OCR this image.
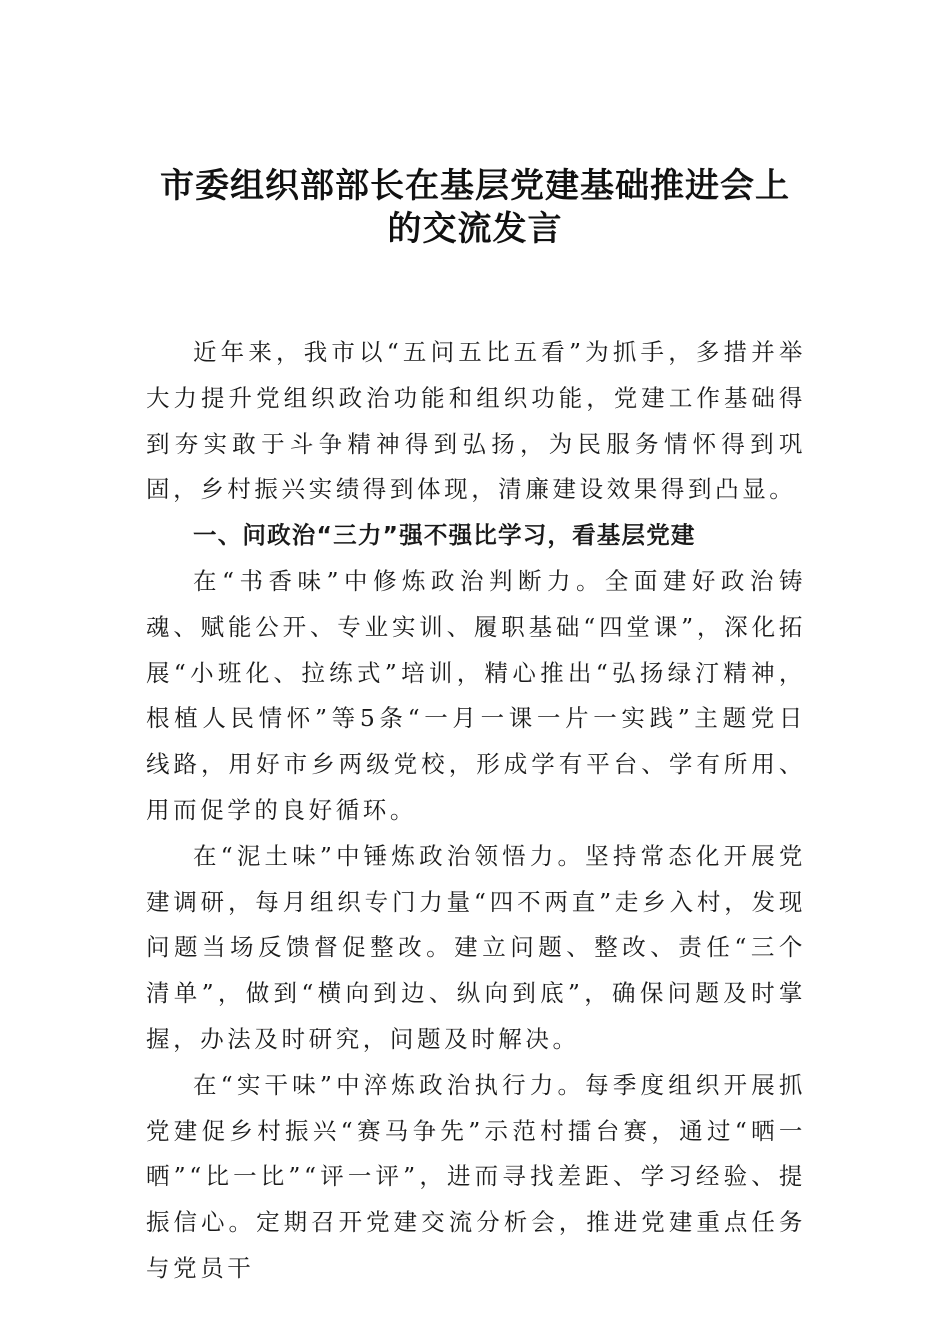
市委组织部部长在基层党建基础推进会上
的交流发言

近年来，我市以“五问五比五看”为抓手，多措并举大力提升党组织政治功能和组织功能，党建工作基础得到夯实敢于斗争精神得到弘扬，为民服务情怀得到巩固，乡村振兴实绩得到体现，清廉建设效果得到凸显。

一、问政治“三力”强不强比学习，看基层党建

在“书香味”中修炼政治判断力。全面建好政治铸魂、赋能公开、专业实训、履职基础“四堂课”，深化拓展“小班化、拉练式”培训，精心推出“弘扬绿汀精神，根植人民情怀”等5条“一月一课一片一实践”主题党日线路，用好市乡两级党校，形成学有平台、学有所用、用而促学的良好循环。

在“泥土味”中锤炼政治领悟力。坚持常态化开展党建调研，每月组织专门力量“四不两直”走乡入村，发现问题当场反馈督促整改。建立问题、整改、责任“三个清单”，做到“横向到边、纵向到底”，确保问题及时掌握，办法及时研究，问题及时解决。

在“实干味”中淬炼政治执行力。每季度组织开展抓党建促乡村振兴“赛马争先”示范村擂台赛，通过“晒一晒”“比一比”“评一评”，进而寻找差距、学习经验、提振信心。定期召开党建交流分析会，推进党建重点任务与党员干
